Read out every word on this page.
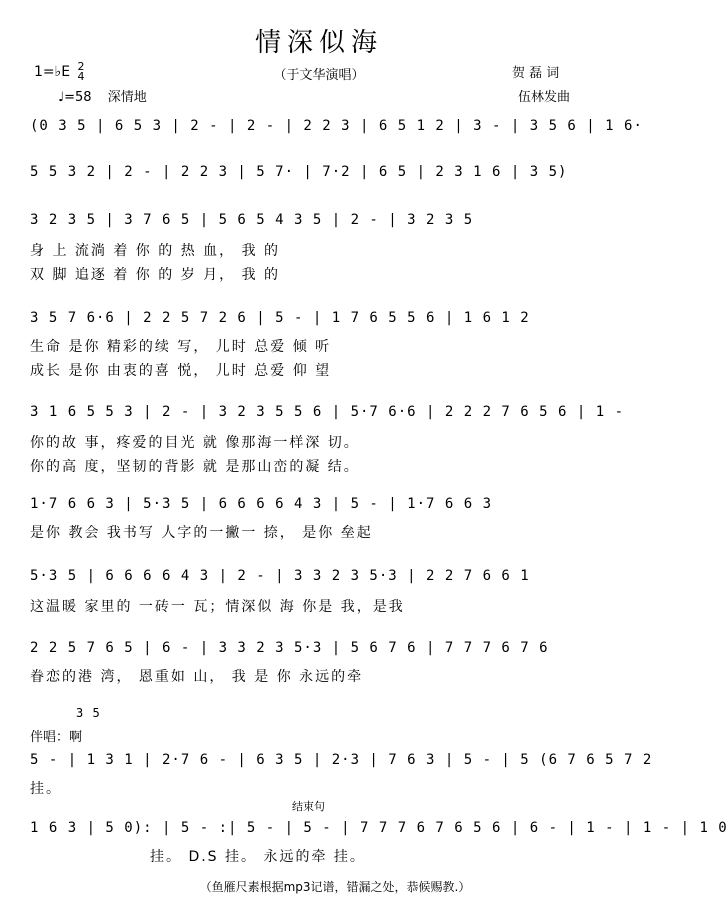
情深似海
1=♭E 2
4	（于文华演唱）	贺 磊 词
♩=58 深情地	伍林发曲
(0 3 5 | 6 5 3 | 2 - | 2 - | 2 2 3 | 6 5 1 2 | 3 - | 3 5 6 | 1 6·
5 5 3 2 | 2 - | 2 2 3 | 5 7· | 7·2 | 6 5 | 2 3 1 6 | 3 5)
3 2 3 5 | 3 7 6 5 | 5 6 5 4 3 5 | 2 - | 3 2 3 5
身 上 流淌 着 你 的 热 血， 我 的
双 脚 追逐 着 你 的 岁 月， 我 的
3 5 7 6·6 | 2 2 5 7 2 6 | 5 - | 1 7 6 5 5 6 | 1 6 1 2
生命 是你 精彩的续 写， 儿时 总爱 倾 听
成长 是你 由衷的喜 悦， 儿时 总爱 仰 望
3 1 6 5 5 3 | 2 - | 3 2 3 5 5 6 | 5·7 6·6 | 2 2 2 7 6 5 6 | 1 -
你的故 事，疼爱的目光 就 像那海一样深 切。
你的高 度，坚韧的背影 就 是那山峦的凝 结。
1·7 6 6 3 | 5·3 5 | 6 6 6 6 4 3 | 5 - | 1·7 6 6 3
是你 教会 我书写 人字的一撇一 捺， 是你 垒起
5·3 5 | 6 6 6 6 4 3 | 2 - | 3 3 2 3 5·3 | 2 2 7 6 6 1
这温暖 家里的 一砖一 瓦；情深似 海 你是 我，是我
2 2 5 7 6 5 | 6 - | 3 3 2 3 5·3 | 5 6 7 6 | 7 7 7 6 7 6
眷恋的港 湾， 恩重如 山， 我 是 你 永远的牵
3 5
伴唱：啊
5 - | 1 3 1 | 2·7 6 - | 6 3 5 | 2·3 | 7 6 3 | 5 - | 5 (6 7 6 5 7 2
挂。
结束句
1 6 3 | 5 0): | 5 - :| 5 - | 5 - | 7 7 7 6 7 6 5 6 | 6 - | 1 - | 1 - | 1 0
挂。 D.S 挂。 永远的牵 挂。
（鱼雁尺素根据mp3记谱，错漏之处，恭候赐教.）
